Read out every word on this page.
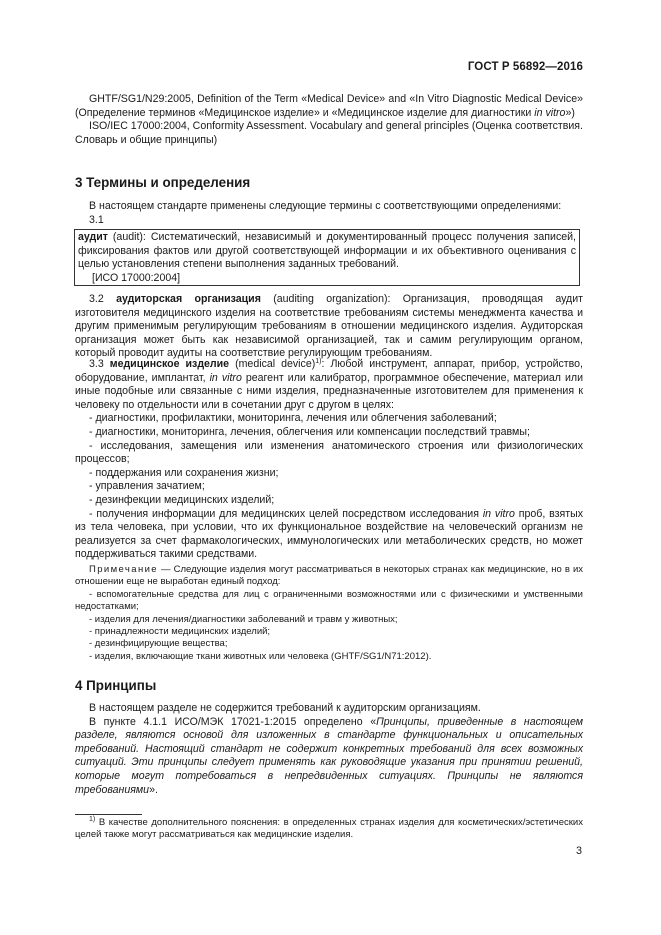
ГОСТ Р 56892—2016

GHTF/SG1/N29:2005, Definition of the Term «Medical Device» and «In Vitro Diagnostic Medical Device» (Определение терминов «Медицинское изделие» и «Медицинское изделие для диагностики in vitro»)

ISO/IEC 17000:2004, Conformity Assessment. Vocabulary and general principles (Оценка соответствия. Словарь и общие принципы)

3 Термины и определения

В настоящем стандарте применены следующие термины с соответствующими определениями:

3.1

аудит (audit): Систематический, независимый и документированный процесс получения записей, фиксирования фактов или другой соответствующей информации и их объективного оценивания с целью установления степени выполнения заданных требований.

[ИСО 17000:2004]

3.2 аудиторская организация (auditing organization): Организация, проводящая аудит изготовителя медицинского изделия на соответствие требованиям системы менеджмента качества и другим применимым регулирующим требованиям в отношении медицинского изделия. Аудиторская организация может быть как независимой организацией, так и самим регулирующим органом, который проводит аудиты на соответствие регулирующим требованиям.

3.3 медицинское изделие (medical device)$^{1)}$: Любой инструмент, аппарат, прибор, устройство, оборудование, имплантат, in vitro реагент или калибратор, программное обеспечение, материал или иные подобные или связанные с ними изделия, предназначенные изготовителем для применения к человеку по отдельности или в сочетании друг с другом в целях:

- диагностики, профилактики, мониторинга, лечения или облегчения заболеваний;
- диагностики, мониторинга, лечения, облегчения или компенсации последствий травмы;
- исследования, замещения или изменения анатомического строения или физиологических процессов;
- поддержания или сохранения жизни;
- управления зачатием;
- дезинфекции медицинских изделий;
- получения информации для медицинских целей посредством исследования in vitro проб, взятых из тела человека, при условии, что их функциональное воздействие на человеческий организм не реализуется за счет фармакологических, иммунологических или метаболических средств, но может поддерживаться такими средствами.

Примечание — Следующие изделия могут рассматриваться в некоторых странах как медицинские, но в их отношении еще не выработан единый подход:

- вспомогательные средства для лиц с ограниченными возможностями или с физическими и умственными недостатками;
- изделия для лечения/диагностики заболеваний и травм у животных;
- принадлежности медицинских изделий;
- дезинфицирующие вещества;
- изделия, включающие ткани животных или человека (GHTF/SG1/N71:2012).
4 Принципы

В настоящем разделе не содержится требований к аудиторским организациям.

В пункте 4.1.1 ИСО/МЭК 17021-1:2015 определено «Принципы, приведенные в настоящем разделе, являются основой для изложенных в стандарте функциональных и описательных требований. Настоящий стандарт не содержит конкретных требований для всех возможных ситуаций. Эти принципы следует применять как руководящие указания при принятии решений, которые могут потребоваться в непредвиденных ситуациях. Принципы не являются требованиями».

$^{1)}$ В качестве дополнительного пояснения: в определенных странах изделия для косметических/эстетических целей также могут рассматриваться как медицинские изделия.

3
